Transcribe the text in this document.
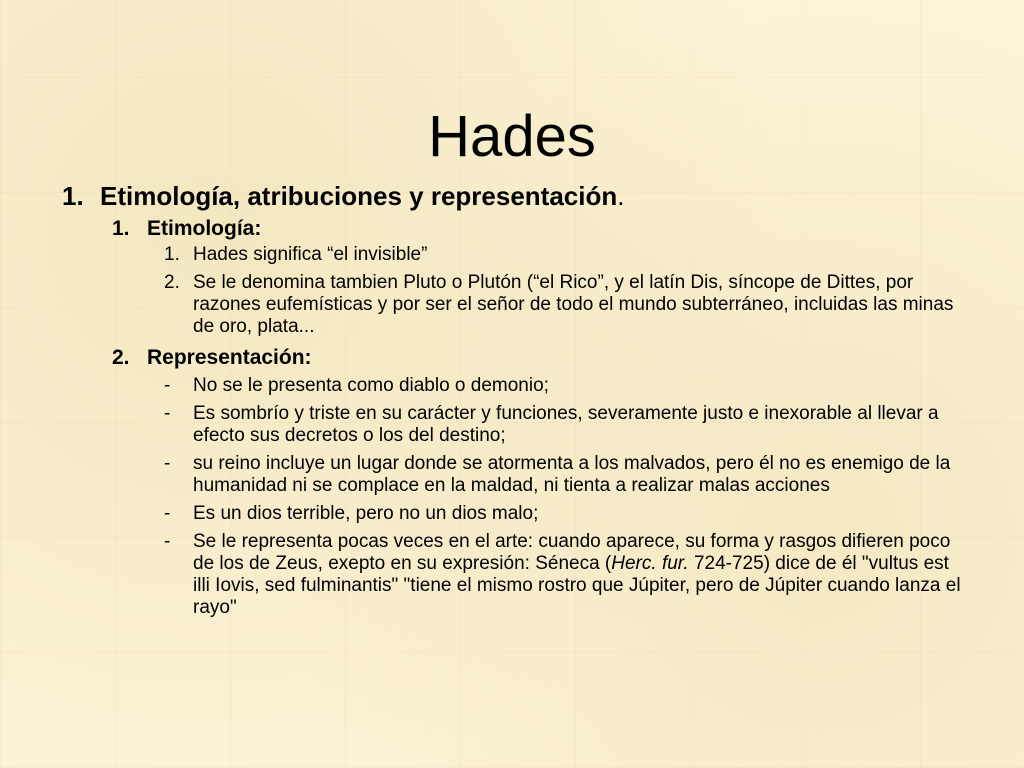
Hades
1. Etimología, atribuciones y representación.
1. Etimología:
1. Hades significa “el invisible”
2. Se le denomina tambien Pluto o Plutón (“el Rico”, y el latín Dis, síncope de Dittes, por razones eufemísticas y por ser el señor de todo el mundo subterráneo, incluidas las minas de oro, plata...
2. Representación:
- No se le presenta como diablo o demonio;
- Es sombrío y triste en su carácter y funciones, severamente justo e inexorable al llevar a efecto sus decretos o los del destino;
- su reino incluye un lugar donde se atormenta a los malvados, pero él no es enemigo de la humanidad ni se complace en la maldad, ni tienta a realizar malas acciones
- Es un dios terrible, pero no un dios malo;
- Se le representa pocas veces en el arte: cuando aparece, su forma y rasgos difieren poco de los de Zeus, exepto en su expresión: Séneca (Herc. fur. 724-725) dice de él "vultus est illi Iovis, sed fulminantis" "tiene el mismo rostro que Júpiter, pero de Júpiter cuando lanza el rayo"
